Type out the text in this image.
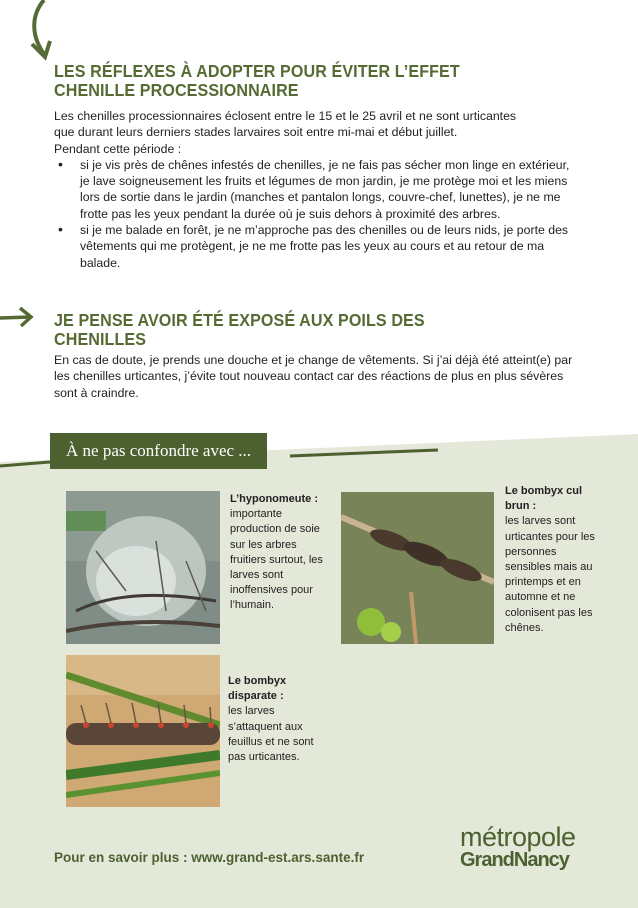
LES RÉFLEXES À ADOPTER POUR ÉVITER L’EFFET
CHENILLE PROCESSIONNAIRE
Les chenilles processionnaires éclosent entre le 15 et le 25 avril et ne sont urticantes
que durant leurs derniers stades larvaires soit entre mi-mai et début juillet.
Pendant cette période :
• si je vis près de chênes infestés de chenilles, je ne fais pas sécher mon linge en extérieur, je lave soigneusement les fruits et légumes de mon jardin, je me protège moi et les miens lors de sortie dans le jardin (manches et pantalon longs, couvre-chef, lunettes), je ne me frotte pas les yeux pendant la durée où je suis dehors à proximité des arbres.
• si je me balade en forêt, je ne m’approche pas des chenilles ou de leurs nids, je porte des vêtements qui me protègent, je ne me frotte pas les yeux au cours et au retour de ma balade.
JE PENSE AVOIR ÉTÉ EXPOSÉ AUX POILS DES
CHENILLES
En cas de doute, je prends une douche et je change de vêtements. Si j’ai déjà été atteint(e) par les chenilles urticantes, j’évite tout nouveau contact car des réactions de plus en plus sévères sont à craindre.
À ne pas confondre avec ...
L’hyponomeute :
importante production de soie sur les arbres fruitiers surtout, les larves sont inoffensives pour l’humain.
Le bombyx cul brun :
les larves sont urticantes pour les personnes sensibles mais au printemps et en automne et ne colonisent pas les chênes.
Le bombyx disparate :
les larves s’attaquent aux feuillus et ne sont pas urticantes.
Pour en savoir plus : www.grand-est.ars.sante.fr
métropole
GrandNancy
